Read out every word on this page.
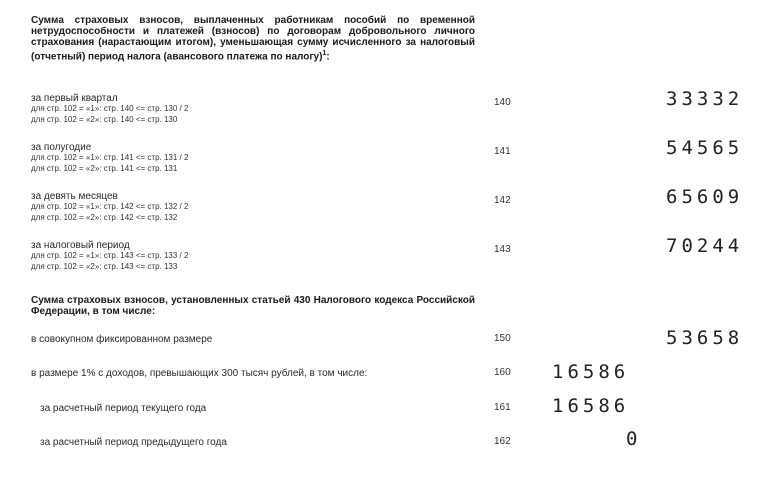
Сумма страховых взносов, выплаченных работникам пособий по временной нетрудоспособности и платежей (взносов) по договорам добровольного личного страхования (нарастающим итогом), уменьшающая сумму исчисленного за налоговый (отчетный) период налога (авансового платежа по налогу)$^1$:
за первый квартал
для стр. 102 = «1»: стр. 140 <= стр. 130 / 2
для стр. 102 = «2»: стр. 140 <= стр. 130
140	33332
за полугодие
для стр. 102 = «1»: стр. 141 <= стр. 131 / 2
для стр. 102 = «2»: стр. 141 <= стр. 131
141	54565
за девять месяцев
для стр. 102 = «1»: стр. 142 <= стр. 132 / 2
для стр. 102 = «2»: стр. 142 <= стр. 132
142	65609
за налоговый период
для стр. 102 = «1»: стр. 143 <= стр. 133 / 2
для стр. 102 = «2»: стр. 143 <= стр. 133
143	70244
Сумма страховых взносов, установленных статьей 430 Налогового кодекса Российской Федерации, в том числе:
в совокупном фиксированном размере	150	53658
в размере 1% с доходов, превышающих 300 тысяч рублей, в том числе:	160 16586
за расчетный период текущего года	161 16586
за расчетный период предыдущего года	162	0
